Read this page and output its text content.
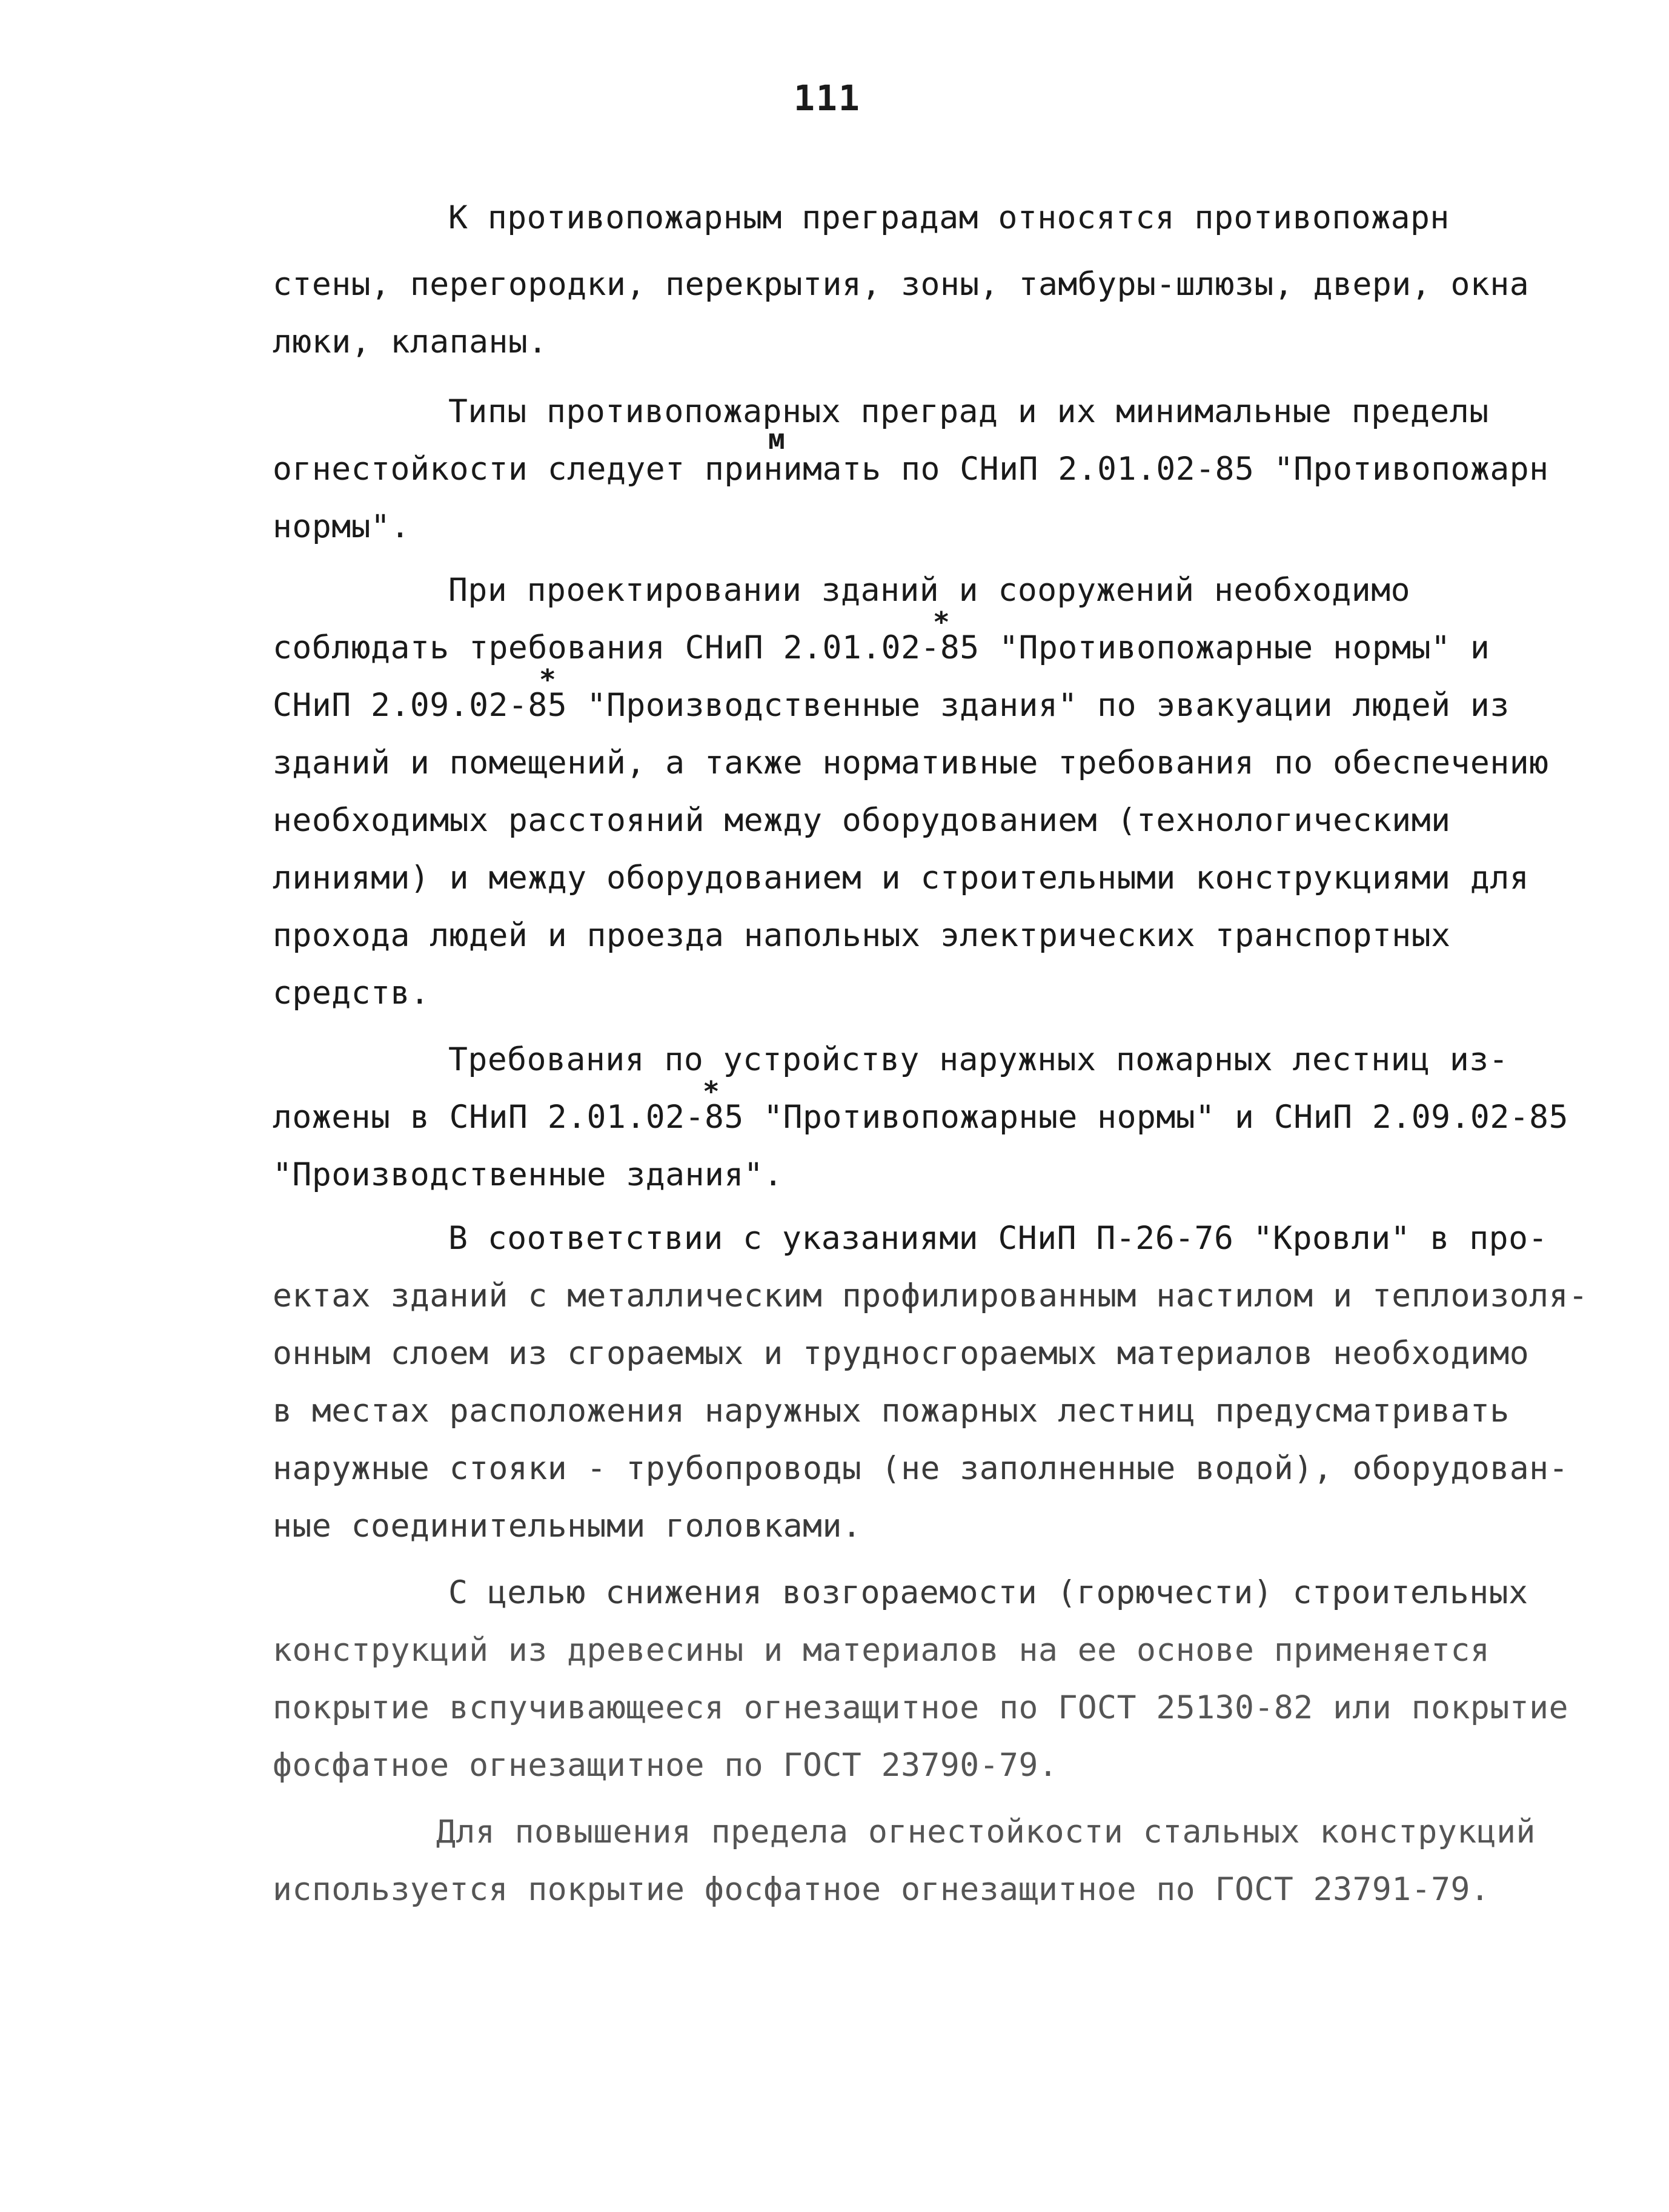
111
К противопожарным преградам относятся противопожарн
стены, перегородки, перекрытия, зоны, тамбуры-шлюзы, двери, окна
люки, клапаны.
Типы противопожарных преград и их минимальные пределы
огнестойкости следует принимать по СНиП 2.01.02-85 "Противопожарн
м
нормы".
При проектировании зданий и сооружений необходимо
соблюдать требования СНиП 2.01.02-85 "Противопожарные нормы" и
*
СНиП 2.09.02-85 "Производственные здания" по эвакуации людей из
*
зданий и помещений, а также нормативные требования по обеспечению
необходимых расстояний между оборудованием (технологическими
линиями) и между оборудованием и строительными конструкциями для
прохода людей и проезда напольных электрических транспортных
средств.
Требования по устройству наружных пожарных лестниц из-
ложены в СНиП 2.01.02-85 "Противопожарные нормы" и СНиП 2.09.02-85
*
"Производственные здания".
В соответствии с указаниями СНиП П-26-76 "Кровли" в про-
ектах зданий с металлическим профилированным настилом и теплоизоля-
онным слоем из сгораемых и трудносгораемых материалов необходимо
в местах расположения наружных пожарных лестниц предусматривать
наружные стояки - трубопроводы (не заполненные водой), оборудован-
ные соединительными головками.
С целью снижения возгораемости (горючести) строительных
конструкций из древесины и материалов на ее основе применяется
покрытие вспучивающееся огнезащитное по ГОСТ 25130-82 или покрытие
фосфатное огнезащитное по ГОСТ 23790-79.
Для повышения предела огнестойкости стальных конструкций
используется покрытие фосфатное огнезащитное по ГОСТ 23791-79.
